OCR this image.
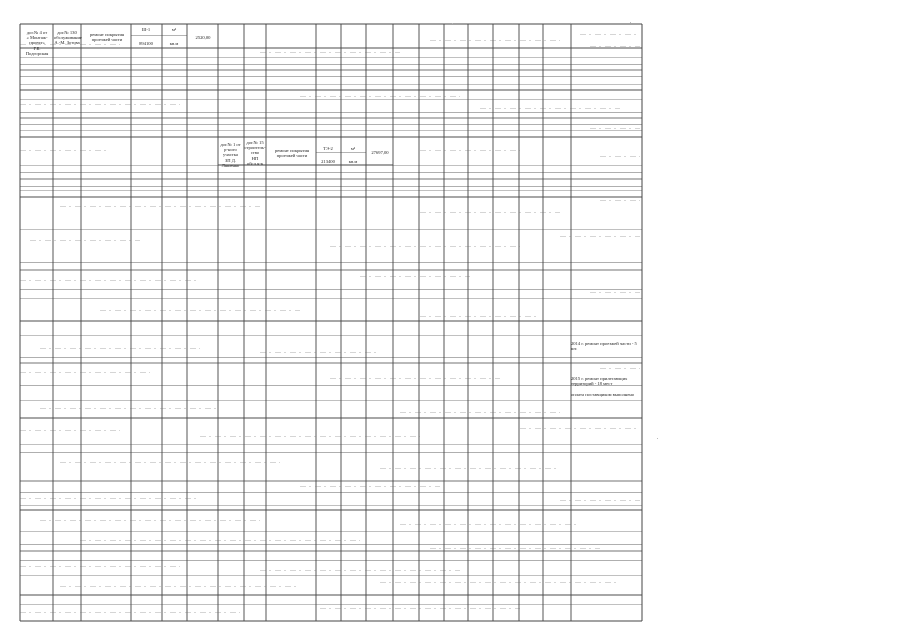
дог.№ 4 от
« Монтаж-проект»
Г.Б. Подгорская
дог.№ 130
обслуживание
А.-М. Зотова
ремонт покрытия
проезжей части
Ш-1
894100
м²
кв.м
2520,00
дог.№ 1 от
р-ного участка
ЗП Д.
Ляшенко
дог.№ 15
строитель-
ство
НП
обсл.ч-к
ремонт покрытия
проезжей части
ТЭ-2
213400
м²
кв.м
27697,00
2014 г. ремонт проезжей части - 5 шт.
2015 г. ремонт прилегающих территорий - 18 мест
оплата поставщиком выполнено
